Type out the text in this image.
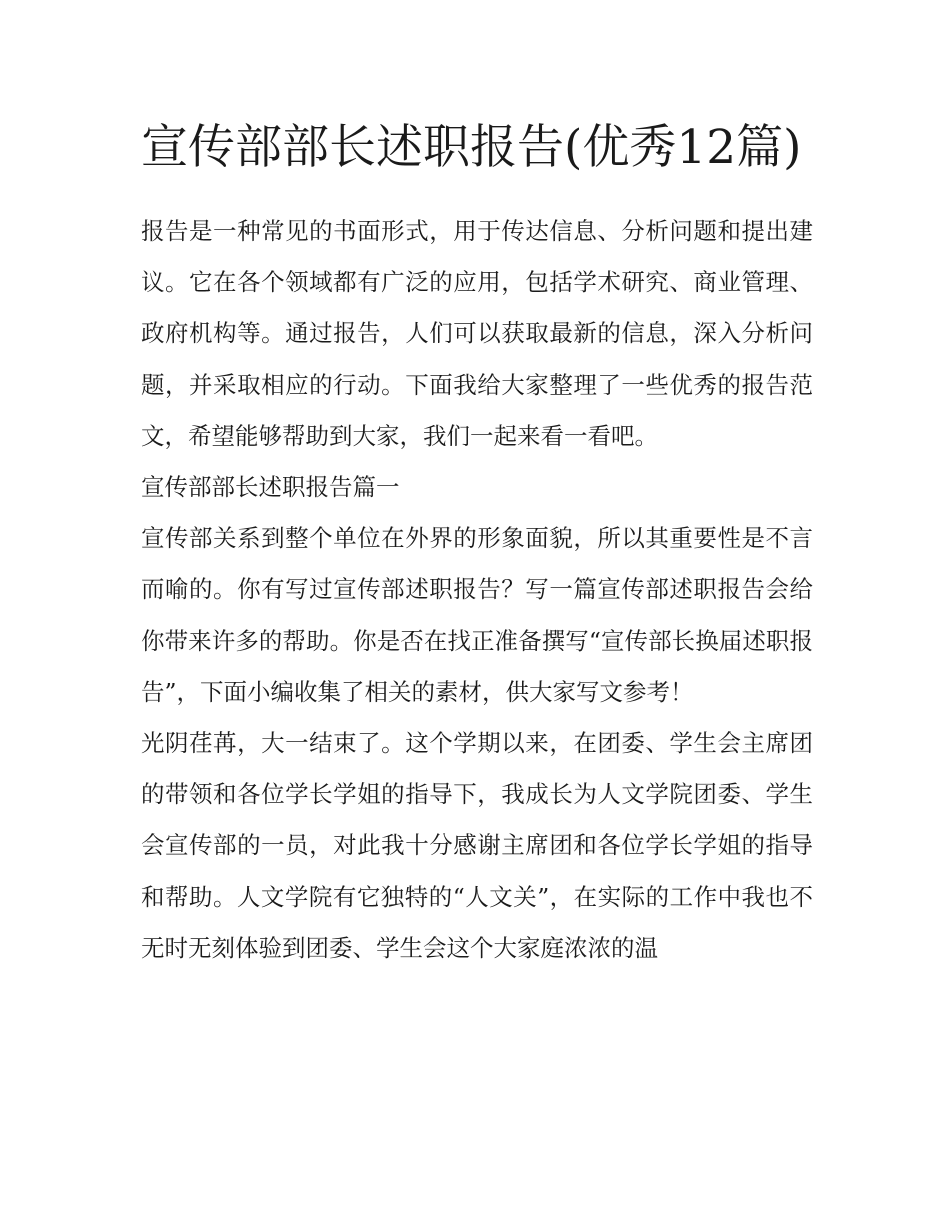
宣传部部长述职报告(优秀12篇)

报告是一种常见的书面形式，用于传达信息、分析问题和提出建议。它在各个领域都有广泛的应用，包括学术研究、商业管理、政府机构等。通过报告，人们可以获取最新的信息，深入分析问题，并采取相应的行动。下面我给大家整理了一些优秀的报告范文，希望能够帮助到大家，我们一起来看一看吧。

宣传部部长述职报告篇一

宣传部关系到整个单位在外界的形象面貌，所以其重要性是不言而喻的。你有写过宣传部述职报告？写一篇宣传部述职报告会给你带来许多的帮助。你是否在找正准备撰写“宣传部长换届述职报告”，下面小编收集了相关的素材，供大家写文参考！

光阴荏苒，大一结束了。这个学期以来，在团委、学生会主席团的带领和各位学长学姐的指导下，我成长为人文学院团委、学生会宣传部的一员，对此我十分感谢主席团和各位学长学姐的指导和帮助。人文学院有它独特的“人文关”，在实际的工作中我也不无时无刻体验到团委、学生会这个大家庭浓浓的温
